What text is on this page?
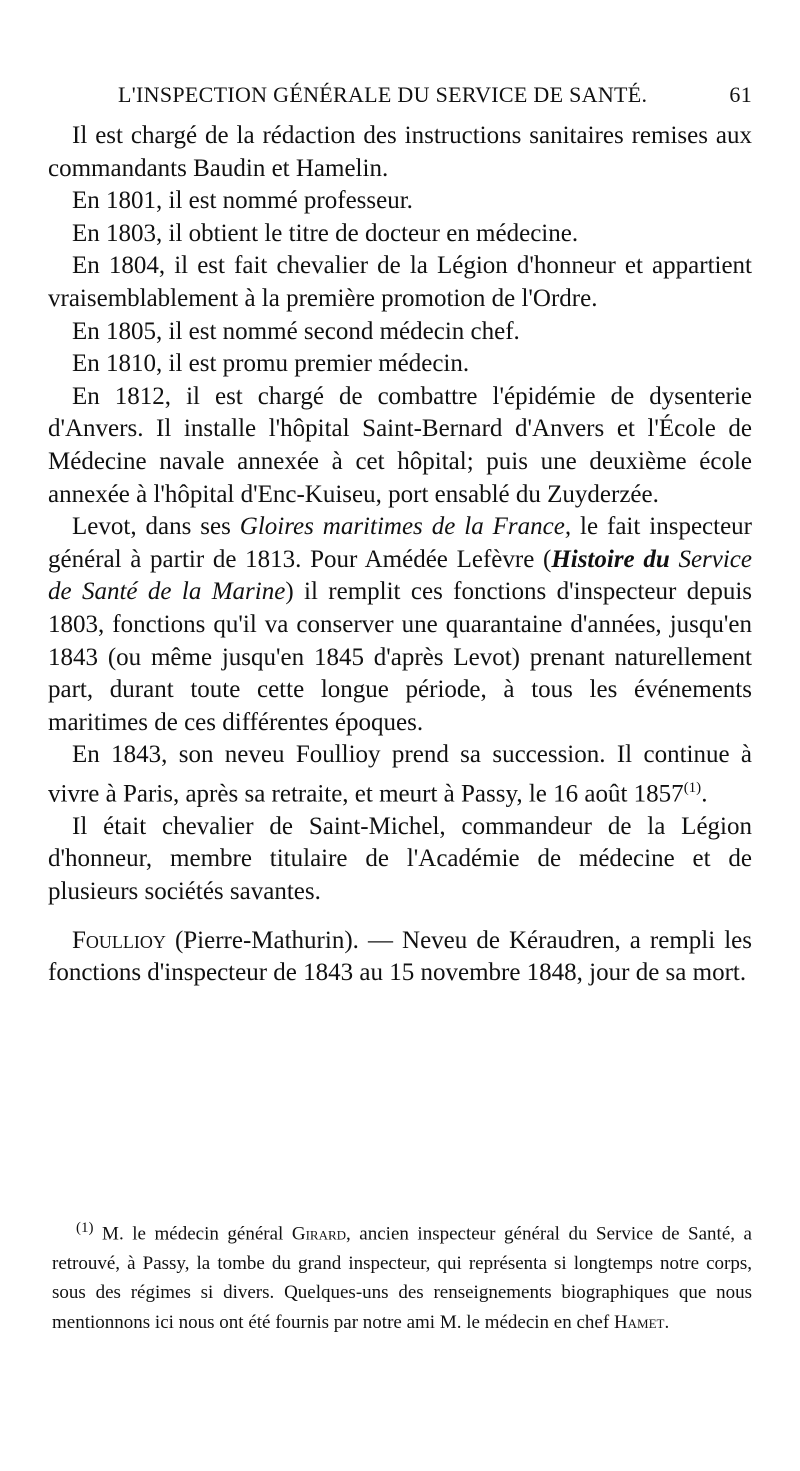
L'INSPECTION GÉNÉRALE DU SERVICE DE SANTÉ.	61

Il est chargé de la rédaction des instructions sanitaires remises aux commandants Baudin et Hamelin.

En 1801, il est nommé professeur.

En 1803, il obtient le titre de docteur en médecine.

En 1804, il est fait chevalier de la Légion d'honneur et appartient vraisemblablement à la première promotion de l'Ordre.

En 1805, il est nommé second médecin chef.

En 1810, il est promu premier médecin.

En 1812, il est chargé de combattre l'épidémie de dysenterie d'Anvers. Il installe l'hôpital Saint-Bernard d'Anvers et l'École de Médecine navale annexée à cet hôpital; puis une deuxième école annexée à l'hôpital d'Enc-Kuiseu, port ensablé du Zuyderzée.

Levot, dans ses Gloires maritimes de la France, le fait inspecteur général à partir de 1813. Pour Amédée Lefèvre (Histoire du Service de Santé de la Marine) il remplit ces fonctions d'inspecteur depuis 1803, fonctions qu'il va conserver une quarantaine d'années, jusqu'en 1843 (ou même jusqu'en 1845 d'après Levot) prenant naturellement part, durant toute cette longue période, à tous les événements maritimes de ces différentes époques.

En 1843, son neveu Foullioy prend sa succession. Il continue à vivre à Paris, après sa retraite, et meurt à Passy, le 16 août 1857$^{(1)}$.

Il était chevalier de Saint-Michel, commandeur de la Légion d'honneur, membre titulaire de l'Académie de médecine et de plusieurs sociétés savantes.

Foullioy (Pierre-Mathurin). — Neveu de Kéraudren, a rempli les fonctions d'inspecteur de 1843 au 15 novembre 1848, jour de sa mort.

$^{(1)}$ M. le médecin général Girard, ancien inspecteur général du Service de Santé, a retrouvé, à Passy, la tombe du grand inspecteur, qui représenta si longtemps notre corps, sous des régimes si divers. Quelques-uns des renseignements biographiques que nous mentionnons ici nous ont été fournis par notre ami M. le médecin en chef Hamet.
